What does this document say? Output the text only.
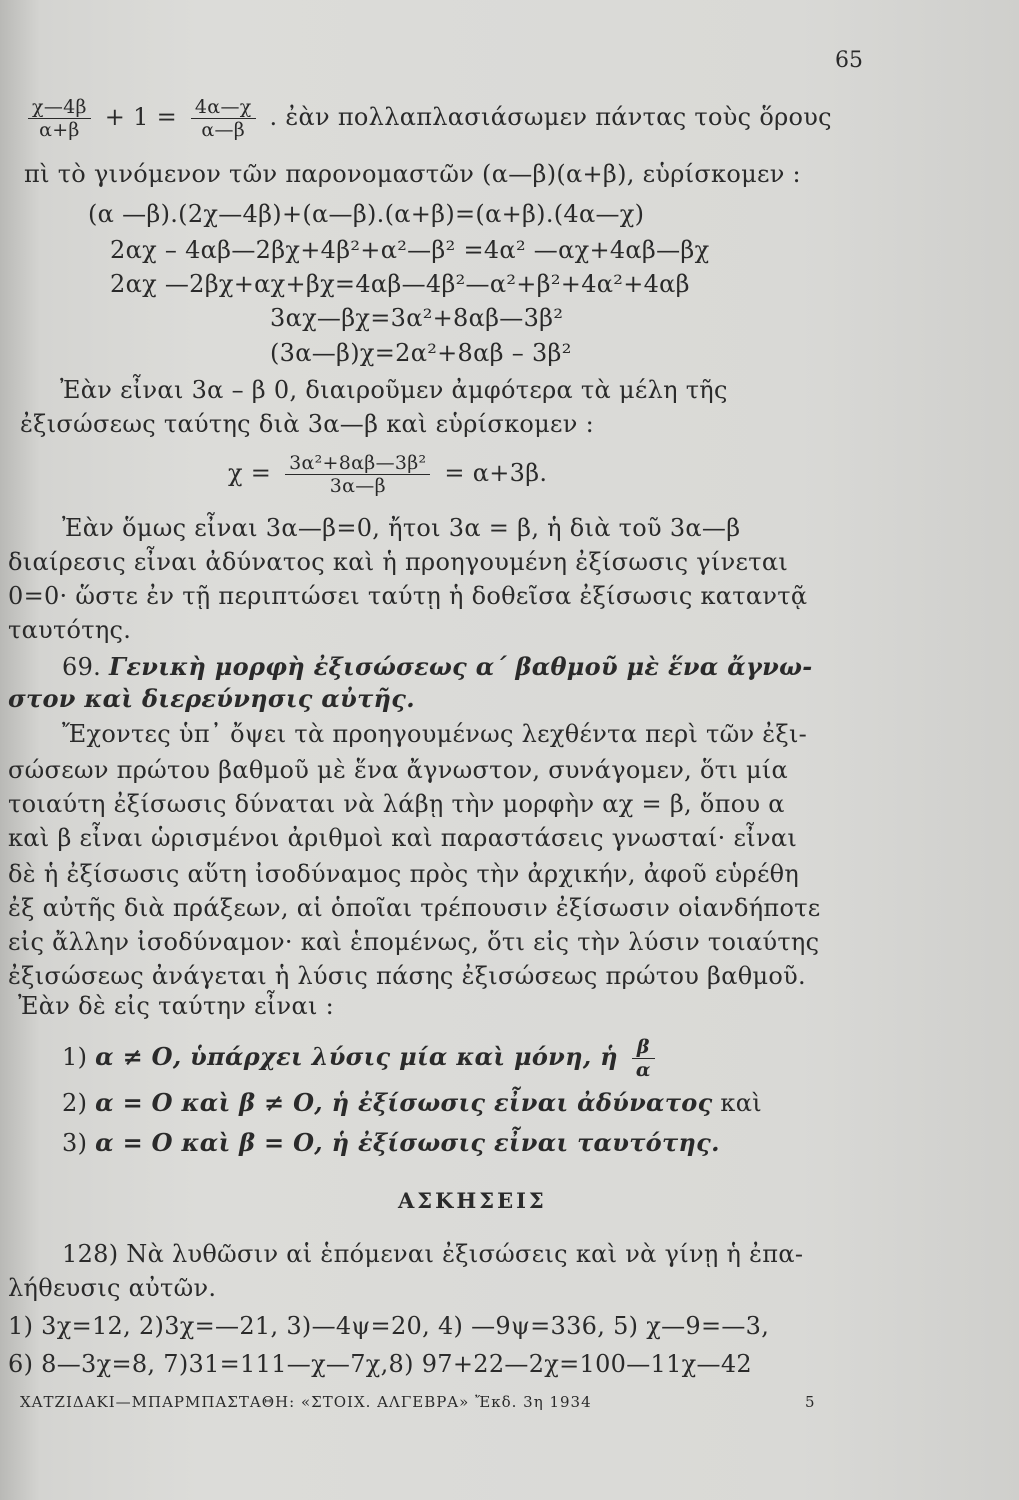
65
$\frac{\chi—4\beta}{\alpha+\beta} + 1 = \frac{4\alpha—\chi}{\alpha—\beta}$ . ἐὰν πολλαπλασιάσωμεν πάντας τοὺς ὅρους
πὶ τὸ γινόμενον τῶν παρονομαστῶν (α—β)(α+β), εὑρίσκομεν :
(α —β).(2χ—4β)+(α—β).(α+β)=(α+β).(4α—χ)
2αχ – 4αβ—2βχ+4β²+α²—β² =4α² —αχ+4αβ—βχ
2αχ —2βχ+αχ+βχ=4αβ—4β²—α²+β²+4α²+4αβ
3αχ—βχ=3α²+8αβ—3β²
(3α—β)χ=2α²+8αβ – 3β²
Ἐὰν εἶναι 3α – β 0, διαιροῦμεν ἀμφότερα τὰ μέλη τῆς
ἐξισώσεως ταύτης διὰ 3α—β καὶ εὑρίσκομεν :
$\chi = \frac{\text{3α²+8αβ—3β²}}{3\alpha—\beta} = \alpha+3\beta$.
Ἐὰν ὅμως εἶναι 3α—β=0, ἤτοι 3α = β, ἡ διὰ τοῦ 3α—β
διαίρεσις εἶναι ἀδύνατος καὶ ἡ προηγουμένη ἐξίσωσις γίνεται
0=0· ὥστε ἐν τῇ περιπτώσει ταύτῃ ἡ δοθεῖσα ἐξίσωσις καταντᾷ
ταυτότης.
69. Γενικὴ μορφὴ ἐξισώσεως α΄ βαθμοῦ μὲ ἕνα ἄγνω-
στον καὶ διερεύνησις αὐτῆς.
Ἔχοντες ὑπ᾽ ὄψει τὰ προηγουμένως λεχθέντα περὶ τῶν ἐξι-
σώσεων πρώτου βαθμοῦ μὲ ἕνα ἄγνωστον, συνάγομεν, ὅτι μία
τοιαύτη ἐξίσωσις δύναται νὰ λάβῃ τὴν μορφὴν αχ = β, ὅπου α
καὶ β εἶναι ὡρισμένοι ἀριθμοὶ καὶ παραστάσεις γνωσταί· εἶναι
δὲ ἡ ἐξίσωσις αὕτη ἰσοδύναμος πρὸς τὴν ἀρχικήν, ἀφοῦ εὑρέθη
ἐξ αὐτῆς διὰ πράξεων, αἱ ὁποῖαι τρέπουσιν ἐξίσωσιν οἱανδήποτε
εἰς ἄλλην ἰσοδύναμον· καὶ ἑπομένως, ὅτι εἰς τὴν λύσιν τοιαύτης
ἐξισώσεως ἀνάγεται ἡ λύσις πάσης ἐξισώσεως πρώτου βαθμοῦ.
Ἐὰν δὲ εἰς ταύτην εἶναι :
1) α ≠ Ο, ὑπάρχει λύσις μία καὶ μόνη, ἡ $\frac{\beta}{\alpha}$
2) α = Ο καὶ β ≠ Ο, ἡ ἐξίσωσις εἶναι ἀδύνατος καὶ
3) α = Ο καὶ β = Ο, ἡ ἐξίσωσις εἶναι ταυτότης.
ΑΣΚΗΣΕΙΣ
128) Νὰ λυθῶσιν αἱ ἑπόμεναι ἐξισώσεις καὶ νὰ γίνῃ ἡ ἐπα-
λήθευσις αὐτῶν.
1) 3χ=12, 2)3χ=—21, 3)—4ψ=20, 4) —9ψ=336, 5) χ—9=—3,
6) 8—3χ=8, 7)31=111—χ—7χ,8) 97+22—2χ=100—11χ—42
ΧΑΤΖΙΔΑΚΙ—ΜΠΑΡΜΠΑΣΤΑΘΗ: «ΣΤΟΙΧ. ΑΛΓΕΒΡΑ» Ἔκδ. 3η 1934	5
